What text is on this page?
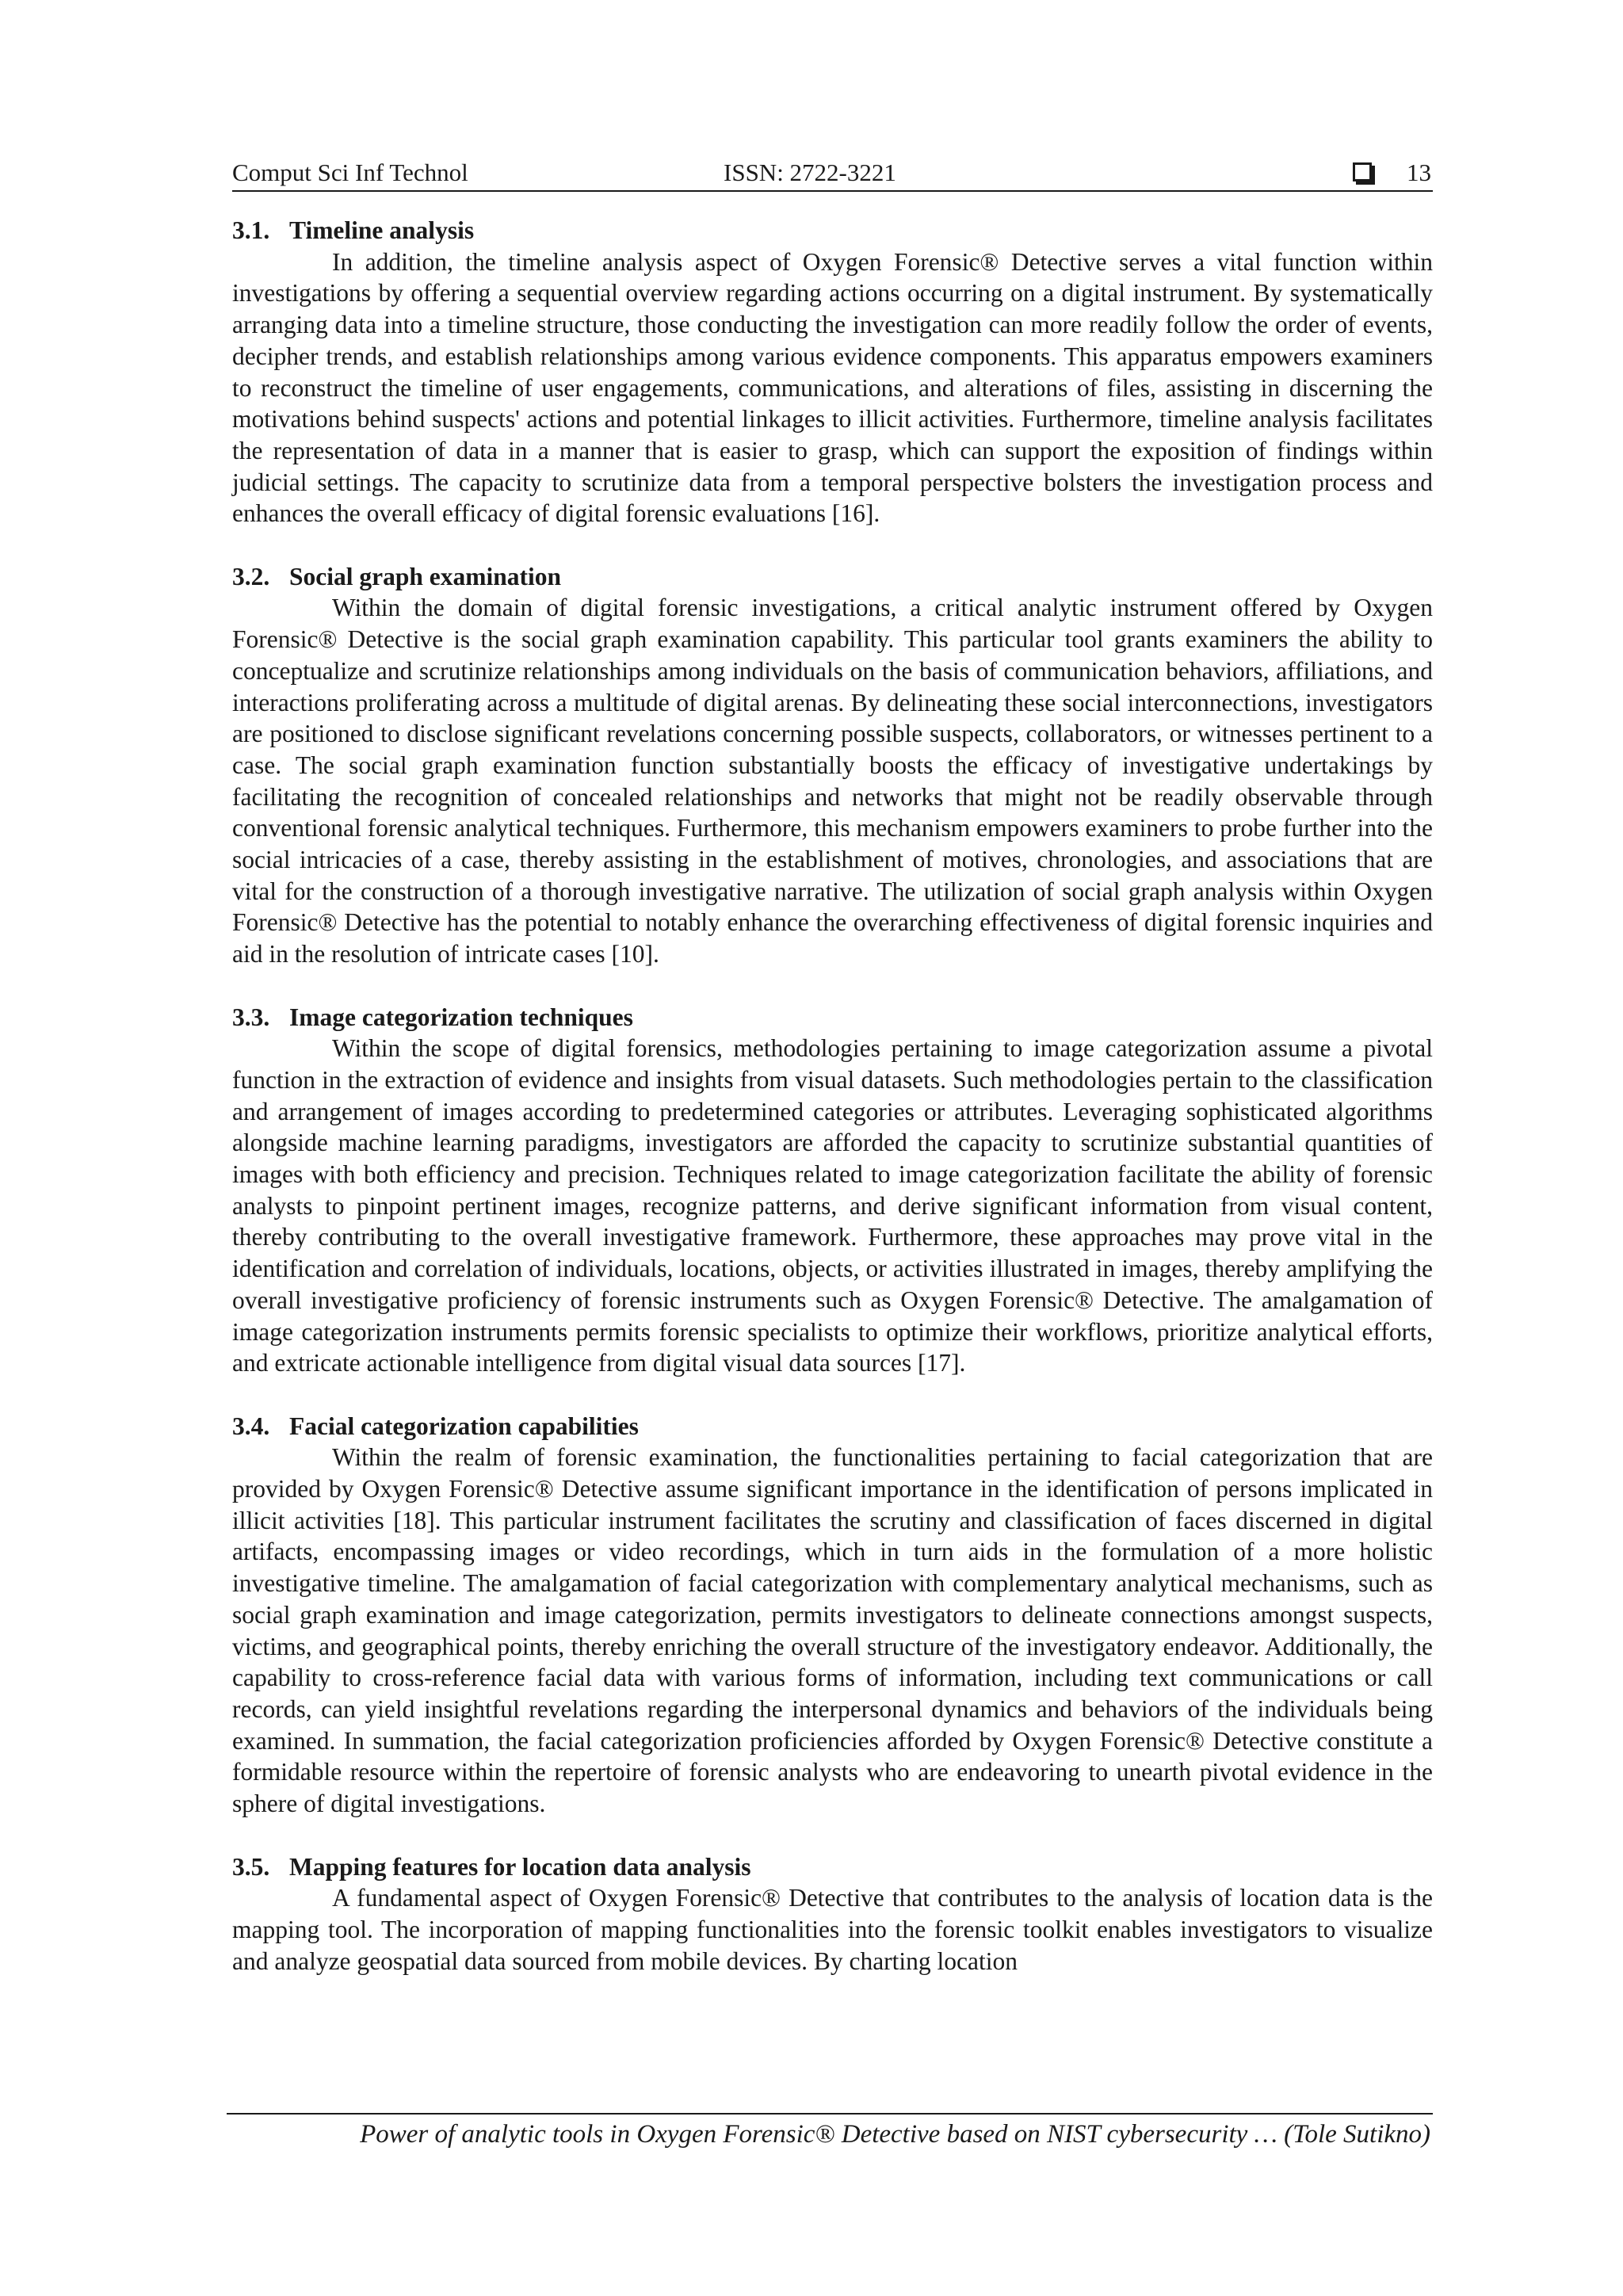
Comput Sci Inf Technol	ISSN: 2722-3221	13

3.1. Timeline analysis

In addition, the timeline analysis aspect of Oxygen Forensic® Detective serves a vital function within investigations by offering a sequential overview regarding actions occurring on a digital instrument. By systematically arranging data into a timeline structure, those conducting the investigation can more readily follow the order of events, decipher trends, and establish relationships among various evidence components. This apparatus empowers examiners to reconstruct the timeline of user engagements, communications, and alterations of files, assisting in discerning the motivations behind suspects' actions and potential linkages to illicit activities. Furthermore, timeline analysis facilitates the representation of data in a manner that is easier to grasp, which can support the exposition of findings within judicial settings. The capacity to scrutinize data from a temporal perspective bolsters the investigation process and enhances the overall efficacy of digital forensic evaluations [16].

3.2. Social graph examination

Within the domain of digital forensic investigations, a critical analytic instrument offered by Oxygen Forensic® Detective is the social graph examination capability. This particular tool grants examiners the ability to conceptualize and scrutinize relationships among individuals on the basis of communication behaviors, affiliations, and interactions proliferating across a multitude of digital arenas. By delineating these social interconnections, investigators are positioned to disclose significant revelations concerning possible suspects, collaborators, or witnesses pertinent to a case. The social graph examination function substantially boosts the efficacy of investigative undertakings by facilitating the recognition of concealed relationships and networks that might not be readily observable through conventional forensic analytical techniques. Furthermore, this mechanism empowers examiners to probe further into the social intricacies of a case, thereby assisting in the establishment of motives, chronologies, and associations that are vital for the construction of a thorough investigative narrative. The utilization of social graph analysis within Oxygen Forensic® Detective has the potential to notably enhance the overarching effectiveness of digital forensic inquiries and aid in the resolution of intricate cases [10].

3.3. Image categorization techniques

Within the scope of digital forensics, methodologies pertaining to image categorization assume a pivotal function in the extraction of evidence and insights from visual datasets. Such methodologies pertain to the classification and arrangement of images according to predetermined categories or attributes. Leveraging sophisticated algorithms alongside machine learning paradigms, investigators are afforded the capacity to scrutinize substantial quantities of images with both efficiency and precision. Techniques related to image categorization facilitate the ability of forensic analysts to pinpoint pertinent images, recognize patterns, and derive significant information from visual content, thereby contributing to the overall investigative framework. Furthermore, these approaches may prove vital in the identification and correlation of individuals, locations, objects, or activities illustrated in images, thereby amplifying the overall investigative proficiency of forensic instruments such as Oxygen Forensic® Detective. The amalgamation of image categorization instruments permits forensic specialists to optimize their workflows, prioritize analytical efforts, and extricate actionable intelligence from digital visual data sources [17].

3.4. Facial categorization capabilities

Within the realm of forensic examination, the functionalities pertaining to facial categorization that are provided by Oxygen Forensic® Detective assume significant importance in the identification of persons implicated in illicit activities [18]. This particular instrument facilitates the scrutiny and classification of faces discerned in digital artifacts, encompassing images or video recordings, which in turn aids in the formulation of a more holistic investigative timeline. The amalgamation of facial categorization with complementary analytical mechanisms, such as social graph examination and image categorization, permits investigators to delineate connections amongst suspects, victims, and geographical points, thereby enriching the overall structure of the investigatory endeavor. Additionally, the capability to cross-reference facial data with various forms of information, including text communications or call records, can yield insightful revelations regarding the interpersonal dynamics and behaviors of the individuals being examined. In summation, the facial categorization proficiencies afforded by Oxygen Forensic® Detective constitute a formidable resource within the repertoire of forensic analysts who are endeavoring to unearth pivotal evidence in the sphere of digital investigations.

3.5. Mapping features for location data analysis

A fundamental aspect of Oxygen Forensic® Detective that contributes to the analysis of location data is the mapping tool. The incorporation of mapping functionalities into the forensic toolkit enables investigators to visualize and analyze geospatial data sourced from mobile devices. By charting location

Power of analytic tools in Oxygen Forensic® Detective based on NIST cybersecurity … (Tole Sutikno)
